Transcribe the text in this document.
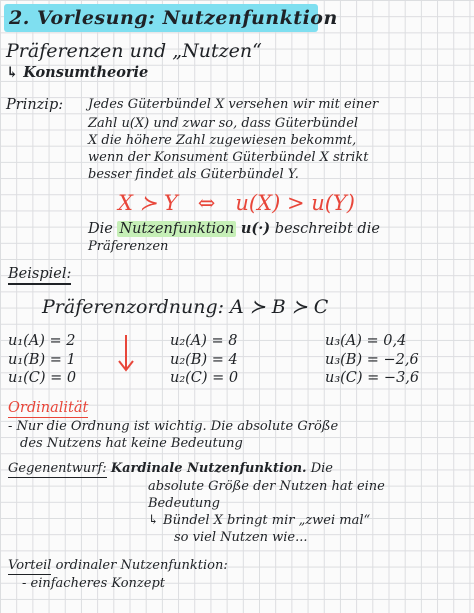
2. Vorlesung: Nutzenfunktion
Präferenzen und „Nutzen“
↳ Konsumtheorie
Prinzip: Jedes Güterbündel X versehen wir mit einer
Zahl u(X) und zwar so, dass Güterbündel
X die höhere Zahl zugewiesen bekommt,
wenn der Konsument Güterbündel X strikt
besser findet als Güterbündel Y.
X ≻ Y   ⇔   u(X) > u(Y)
Die Nutzenfunktion u(·) beschreibt die
Präferenzen
Beispiel:
Präferenzordnung: A ≻ B ≻ C
u₁(A) = 2
u₁(B) = 1
u₁(C) = 0
u₂(A) = 8
u₂(B) = 4
u₂(C) = 0
u₃(A) = 0,4
u₃(B) = −2,6
u₃(C) = −3,6
Ordinalität
- Nur die Ordnung ist wichtig. Die absolute Größe
des Nutzens hat keine Bedeutung
Gegenentwurf: Kardinale Nutzenfunktion. Die
absolute Größe der Nutzen hat eine
Bedeutung
↳ Bündel X bringt mir „zwei mal“
so viel Nutzen wie...
Vorteil ordinaler Nutzenfunktion:
- einfacheres Konzept
